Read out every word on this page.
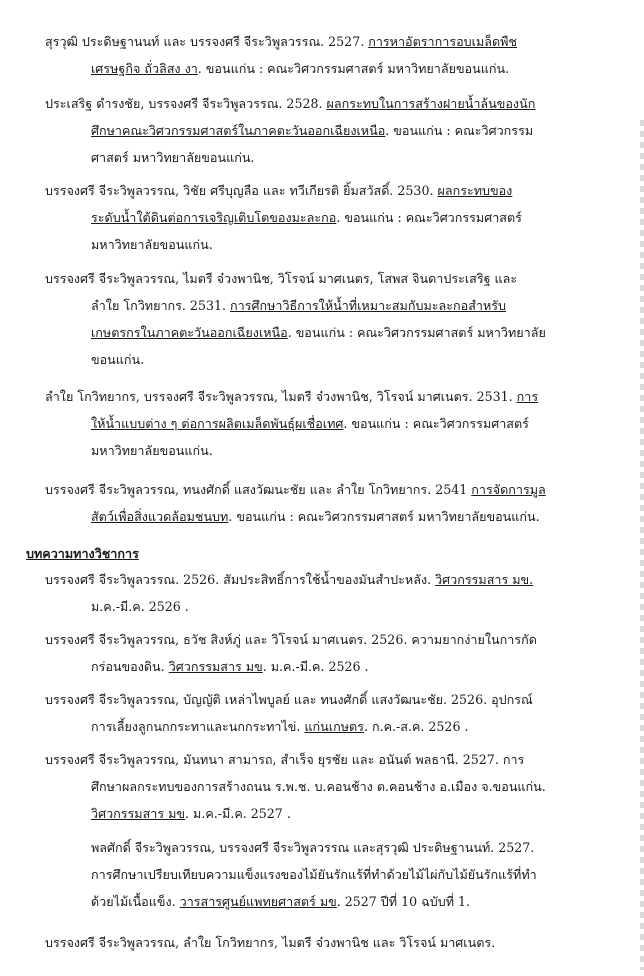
สุรวุฒิ ประดิษฐานนท์ และ บรรจงศรี จีระวิพูลวรรณ. 2527. การหาอัตราการอบเมล็ดพืช
เศรษฐกิจ ถั่วลิสง งา. ขอนแก่น : คณะวิศวกรรมศาสตร์ มหาวิทยาลัยขอนแก่น.
ประเสริฐ ดำรงชัย, บรรจงศรี จีระวิพูลวรรณ. 2528. ผลกระทบในการสร้างฝายน้ำล้นของนัก
ศึกษาคณะวิศวกรรมศาสตร์ในภาคตะวันออกเฉียงเหนือ. ขอนแก่น : คณะวิศวกรรม
ศาสตร์ มหาวิทยาลัยขอนแก่น.
บรรจงศรี จีระวิพูลวรรณ, วิชัย ศรีบุญลือ และ ทวีเกียรติ ยิ้มสวัสดิ์. 2530. ผลกระทบของ
ระดับน้ำใต้ดินต่อการเจริญเติบโตของมะละกอ. ขอนแก่น : คณะวิศวกรรมศาสตร์
มหาวิทยาลัยขอนแก่น.
บรรจงศรี จีระวิพูลวรรณ, ไมตรี จ๋วงพานิช, วิโรจน์ มาศเนตร, โสพส จินดาประเสริฐ และ
ลำใย โกวิทยากร. 2531. การศึกษาวิธีการให้น้ำที่เหมาะสมกับมะละกอสำหรับ
เกษตรกรในภาคตะวันออกเฉียงเหนือ. ขอนแก่น : คณะวิศวกรรมศาสตร์ มหาวิทยาลัย
ขอนแก่น.
ลำใย โกวิทยากร, บรรจงศรี จีระวิพูลวรรณ, ไมตรี จ๋วงพานิช, วิโรจน์ มาศเนตร. 2531. การ
ให้น้ำแบบต่าง ๆ ต่อการผลิตเมล็ดพันธุ์ผเชื่อเทศ. ขอนแก่น : คณะวิศวกรรมศาสตร์
มหาวิทยาลัยขอนแก่น.
บรรจงศรี จีระวิพูลวรรณ, ทนงศักดิ์ แสงวัฒนะชัย และ ลำใย โกวิทยากร. 2541 การจัดการมูล
สัตว์เพื่อสิ่งแวดล้อมชนบท. ขอนแก่น : คณะวิศวกรรมศาสตร์ มหาวิทยาลัยขอนแก่น.
บทความทางวิชาการ
บรรจงศรี จีระวิพูลวรรณ. 2526. สัมประสิทธิ์การใช้น้ำของมันสำปะหลัง. วิศวกรรมสาร มข.
ม.ค.-มี.ค. 2526 .
บรรจงศรี จีระวิพูลวรรณ, ธวัช สิงห์ภู่ และ วิโรจน์ มาศเนตร. 2526. ความยากง่ายในการกัด
กร่อนของดิน. วิศวกรรมสาร มข. ม.ค.-มี.ค. 2526 .
บรรจงศรี จีระวิพูลวรรณ, บัญญัติ เหล่าไพบูลย์ และ ทนงศักดิ์ แสงวัฒนะชัย. 2526. อุปกรณ์
การเลี้ยงลูกนกกระทาและนกกระทาไข่. แก่นเกษตร. ก.ค.-ส.ค. 2526 .
บรรจงศรี จีระวิพูลวรรณ, มันทนา สามารถ, สำเร็จ ยุรชัย และ อนันต์ พลธานี. 2527. การ
ศึกษาผลกระทบของการสร้างถนน ร.พ.ช. บ.คอนช้าง ต.คอนช้าง อ.เมือง จ.ขอนแก่น.
วิศวกรรมสาร มข. ม.ค.-มี.ค. 2527 .
พลศักดิ์ จีระวิพูลวรรณ, บรรจงศรี จีระวิพูลวรรณ และสุรวุฒิ ประดิษฐานนท์. 2527.
การศึกษาเปรียบเทียบความแข็งแรงของไม้ยันรักแร้ที่ทำด้วยไม้ไผ่กับไม้ยันรักแร้ที่ทำ
ด้วยไม้เนื้อแข็ง. วารสารศูนย์แพทยศาสตร์ มข. 2527 ปีที่ 10 ฉบับที่ 1.
บรรจงศรี จีระวิพูลวรรณ, ลำใย โกวิทยากร, ไมตรี จ๋วงพานิช และ วิโรจน์ มาศเนตร.
